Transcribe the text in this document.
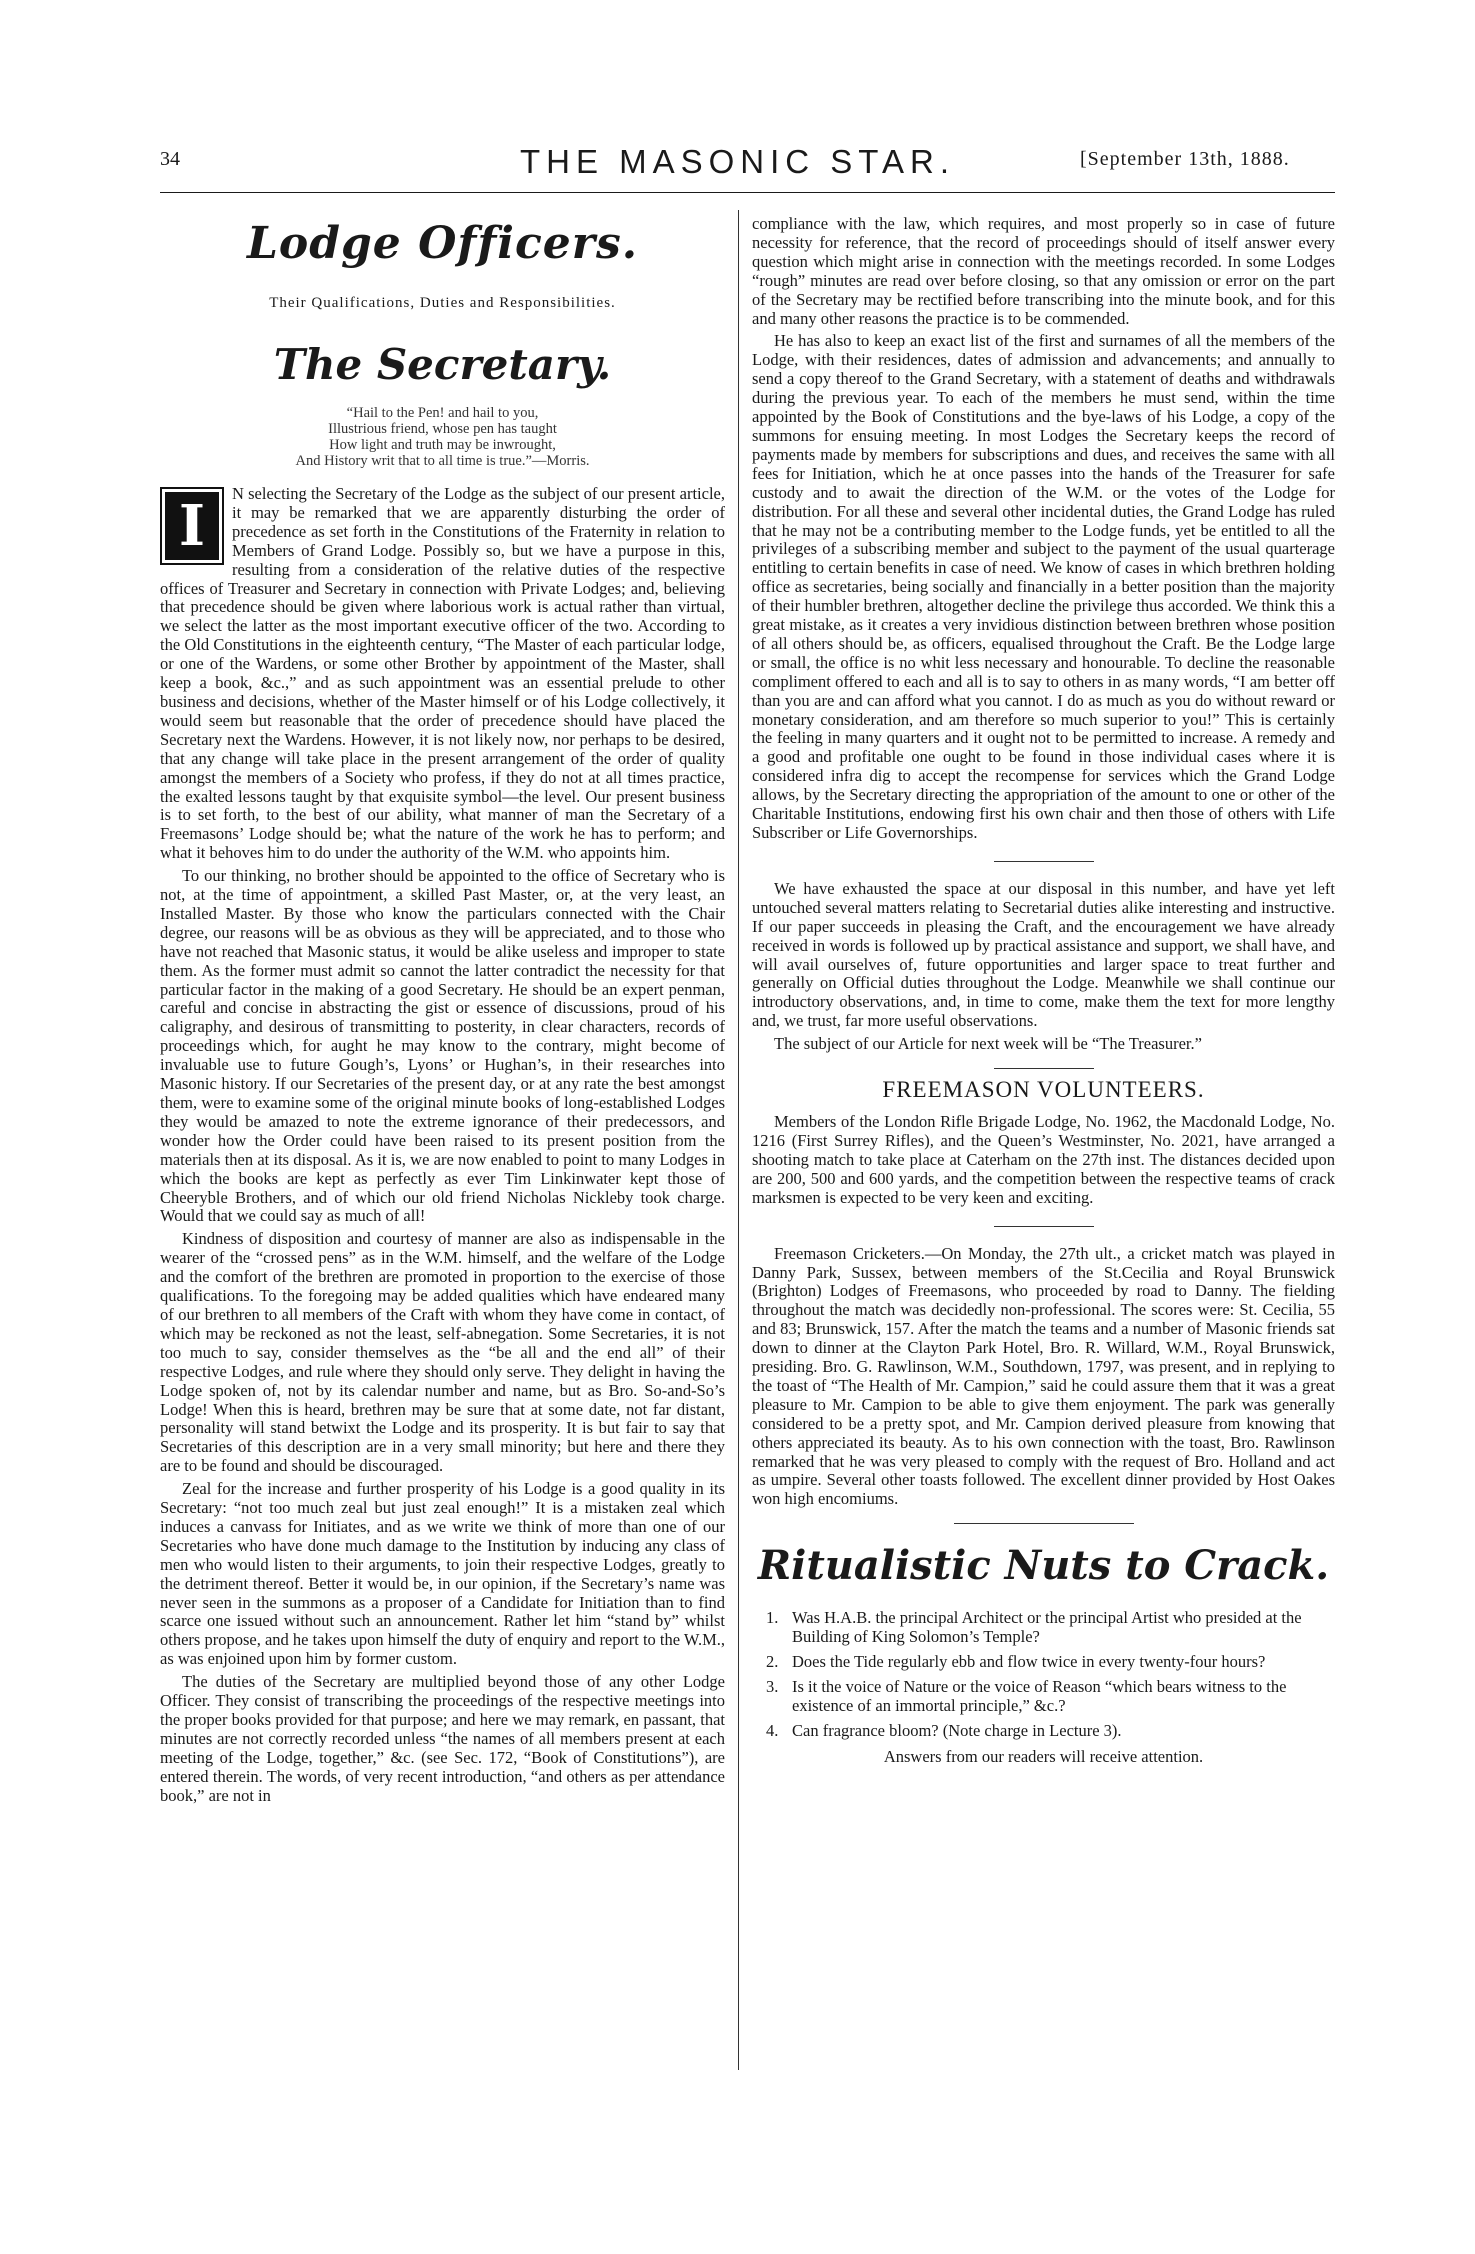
34	THE MASONIC STAR.	[September 13th, 1888.
Lodge Officers.
Their Qualifications, Duties and Responsibilities.
The Secretary.
“Hail to the Pen! and hail to you,
Illustrious friend, whose pen has taught
How light and truth may be inwrought,
And History writ that to all time is true.”—Morris.
I	N selecting the Secretary of the Lodge as the subject of our present article, it may be remarked that we are apparently disturbing the order of precedence as set forth in the Constitutions of the Fraternity in relation to Members of Grand Lodge. Possibly so, but we have a purpose in this, resulting from a consideration of the relative duties of the respective offices of Treasurer and Secretary in connection with Private Lodges; and, believing that precedence should be given where laborious work is actual rather than virtual, we select the latter as the most important executive officer of the two. According to the Old Constitutions in the eighteenth century, “The Master of each particular lodge, or one of the Wardens, or some other Brother by appointment of the Master, shall keep a book, &c.,” and as such appointment was an essential prelude to other business and decisions, whether of the Master himself or of his Lodge collectively, it would seem but reasonable that the order of precedence should have placed the Secretary next the Wardens. However, it is not likely now, nor perhaps to be desired, that any change will take place in the present arrangement of the order of quality amongst the members of a Society who profess, if they do not at all times practice, the exalted lessons taught by that exquisite symbol—the level. Our present business is to set forth, to the best of our ability, what manner of man the Secretary of a Freemasons’ Lodge should be; what the nature of the work he has to perform; and what it behoves him to do under the authority of the W.M. who appoints him.

To our thinking, no brother should be appointed to the office of Secretary who is not, at the time of appointment, a skilled Past Master, or, at the very least, an Installed Master. By those who know the particulars connected with the Chair degree, our reasons will be as obvious as they will be appreciated, and to those who have not reached that Masonic status, it would be alike useless and improper to state them. As the former must admit so cannot the latter contradict the necessity for that particular factor in the making of a good Secretary. He should be an expert penman, careful and concise in abstracting the gist or essence of discussions, proud of his caligraphy, and desirous of transmitting to posterity, in clear characters, records of proceedings which, for aught he may know to the contrary, might become of invaluable use to future Gough’s, Lyons’ or Hughan’s, in their researches into Masonic history. If our Secretaries of the present day, or at any rate the best amongst them, were to examine some of the original minute books of long-established Lodges they would be amazed to note the extreme ignorance of their predecessors, and wonder how the Order could have been raised to its present position from the materials then at its disposal. As it is, we are now enabled to point to many Lodges in which the books are kept as perfectly as ever Tim Linkinwater kept those of Cheeryble Brothers, and of which our old friend Nicholas Nickleby took charge. Would that we could say as much of all!

Kindness of disposition and courtesy of manner are also as indispensable in the wearer of the “crossed pens” as in the W.M. himself, and the welfare of the Lodge and the comfort of the brethren are promoted in proportion to the exercise of those qualifications. To the foregoing may be added qualities which have endeared many of our brethren to all members of the Craft with whom they have come in contact, of which may be reckoned as not the least, self-abnegation. Some Secretaries, it is not too much to say, consider themselves as the “be all and the end all” of their respective Lodges, and rule where they should only serve. They delight in having the Lodge spoken of, not by its calendar number and name, but as Bro. So-and-So’s Lodge! When this is heard, brethren may be sure that at some date, not far distant, personality will stand betwixt the Lodge and its prosperity. It is but fair to say that Secretaries of this description are in a very small minority; but here and there they are to be found and should be discouraged.

Zeal for the increase and further prosperity of his Lodge is a good quality in its Secretary: “not too much zeal but just zeal enough!” It is a mistaken zeal which induces a canvass for Initiates, and as we write we think of more than one of our Secretaries who have done much damage to the Institution by inducing any class of men who would listen to their arguments, to join their respective Lodges, greatly to the detriment thereof. Better it would be, in our opinion, if the Secretary’s name was never seen in the summons as a proposer of a Candidate for Initiation than to find scarce one issued without such an announcement. Rather let him “stand by” whilst others propose, and he takes upon himself the duty of enquiry and report to the W.M., as was enjoined upon him by former custom.

The duties of the Secretary are multiplied beyond those of any other Lodge Officer. They consist of transcribing the proceedings of the respective meetings into the proper books provided for that purpose; and here we may remark, en passant, that minutes are not correctly recorded unless “the names of all members present at each meeting of the Lodge, together,” &c. (see Sec. 172, “Book of Constitutions”), are entered therein. The words, of very recent introduction, “and others as per attendance book,” are not in

compliance with the law, which requires, and most properly so in case of future necessity for reference, that the record of proceedings should of itself answer every question which might arise in connection with the meetings recorded. In some Lodges “rough” minutes are read over before closing, so that any omission or error on the part of the Secretary may be rectified before transcribing into the minute book, and for this and many other reasons the practice is to be commended.

He has also to keep an exact list of the first and surnames of all the members of the Lodge, with their residences, dates of admission and advancements; and annually to send a copy thereof to the Grand Secretary, with a statement of deaths and withdrawals during the previous year. To each of the members he must send, within the time appointed by the Book of Constitutions and the bye-laws of his Lodge, a copy of the summons for ensuing meeting. In most Lodges the Secretary keeps the record of payments made by members for subscriptions and dues, and receives the same with all fees for Initiation, which he at once passes into the hands of the Treasurer for safe custody and to await the direction of the W.M. or the votes of the Lodge for distribution. For all these and several other incidental duties, the Grand Lodge has ruled that he may not be a contributing member to the Lodge funds, yet be entitled to all the privileges of a subscribing member and subject to the payment of the usual quarterage entitling to certain benefits in case of need. We know of cases in which brethren holding office as secretaries, being socially and financially in a better position than the majority of their humbler brethren, altogether decline the privilege thus accorded. We think this a great mistake, as it creates a very invidious distinction between brethren whose position of all others should be, as officers, equalised throughout the Craft. Be the Lodge large or small, the office is no whit less necessary and honourable. To decline the reasonable compliment offered to each and all is to say to others in as many words, “I am better off than you are and can afford what you cannot. I do as much as you do without reward or monetary consideration, and am therefore so much superior to you!” This is certainly the feeling in many quarters and it ought not to be permitted to increase. A remedy and a good and profitable one ought to be found in those individual cases where it is considered infra dig to accept the recompense for services which the Grand Lodge allows, by the Secretary directing the appropriation of the amount to one or other of the Charitable Institutions, endowing first his own chair and then those of others with Life Subscriber or Life Governorships.

We have exhausted the space at our disposal in this number, and have yet left untouched several matters relating to Secretarial duties alike interesting and instructive. If our paper succeeds in pleasing the Craft, and the encouragement we have already received in words is followed up by practical assistance and support, we shall have, and will avail ourselves of, future opportunities and larger space to treat further and generally on Official duties throughout the Lodge. Meanwhile we shall continue our introductory observations, and, in time to come, make them the text for more lengthy and, we trust, far more useful observations.

The subject of our Article for next week will be “The Treasurer.”

FREEMASON VOLUNTEERS.

Members of the London Rifle Brigade Lodge, No. 1962, the Macdonald Lodge, No. 1216 (First Surrey Rifles), and the Queen’s Westminster, No. 2021, have arranged a shooting match to take place at Caterham on the 27th inst. The distances decided upon are 200, 500 and 600 yards, and the competition between the respective teams of crack marksmen is expected to be very keen and exciting.

Freemason Cricketers.—On Monday, the 27th ult., a cricket match was played in Danny Park, Sussex, between members of the St.Cecilia and Royal Brunswick (Brighton) Lodges of Freemasons, who proceeded by road to Danny. The fielding throughout the match was decidedly non-professional. The scores were: St. Cecilia, 55 and 83; Brunswick, 157. After the match the teams and a number of Masonic friends sat down to dinner at the Clayton Park Hotel, Bro. R. Willard, W.M., Royal Brunswick, presiding. Bro. G. Rawlinson, W.M., Southdown, 1797, was present, and in replying to the toast of “The Health of Mr. Campion,” said he could assure them that it was a great pleasure to Mr. Campion to be able to give them enjoyment. The park was generally considered to be a pretty spot, and Mr. Campion derived pleasure from knowing that others appreciated its beauty. As to his own connection with the toast, Bro. Rawlinson remarked that he was very pleased to comply with the request of Bro. Holland and act as umpire. Several other toasts followed. The excellent dinner provided by Host Oakes won high encomiums.

Ritualistic Nuts to Crack.
1. Was H.A.B. the principal Architect or the principal Artist who presided at the Building of King Solomon’s Temple?
2. Does the Tide regularly ebb and flow twice in every twenty-four hours?
3. Is it the voice of Nature or the voice of Reason “which bears witness to the existence of an immortal principle,” &c.?
4. Can fragrance bloom? (Note charge in Lecture 3).
Answers from our readers will receive attention.
